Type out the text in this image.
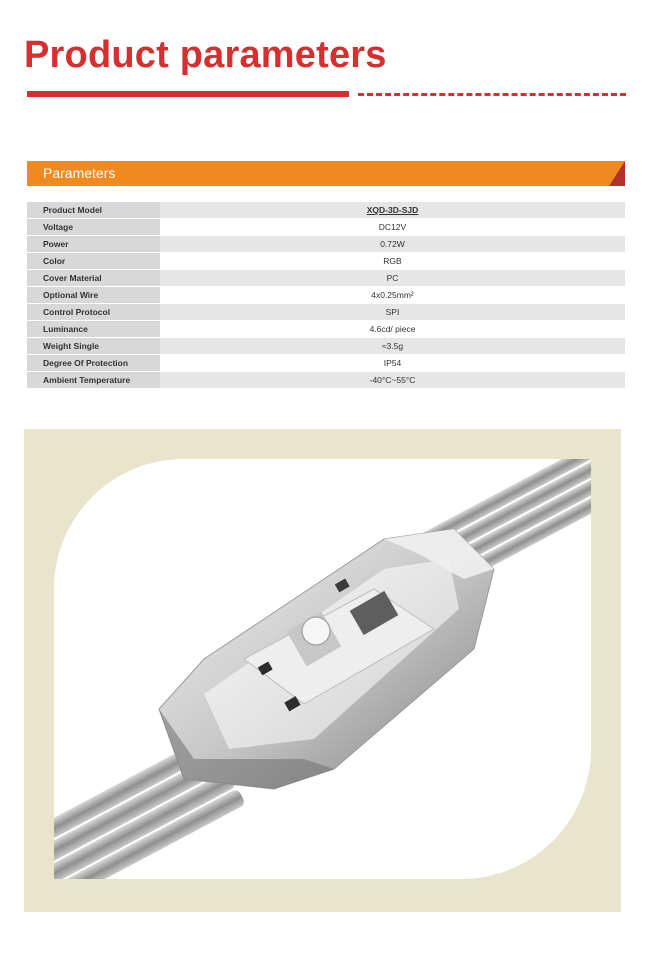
Product parameters
Parameters
Product Model	XQD-3D-SJD
Voltage	DC12V
Power	0.72W
Color	RGB
Cover Material	PC
Optional Wire	4x0.25mm²
Control Protocol	SPI
Luminance	4.6cd/ piece
Weight Single	≈3.5g
Degree Of Protection	IP54
Ambient Temperature	-40°C~55°C
